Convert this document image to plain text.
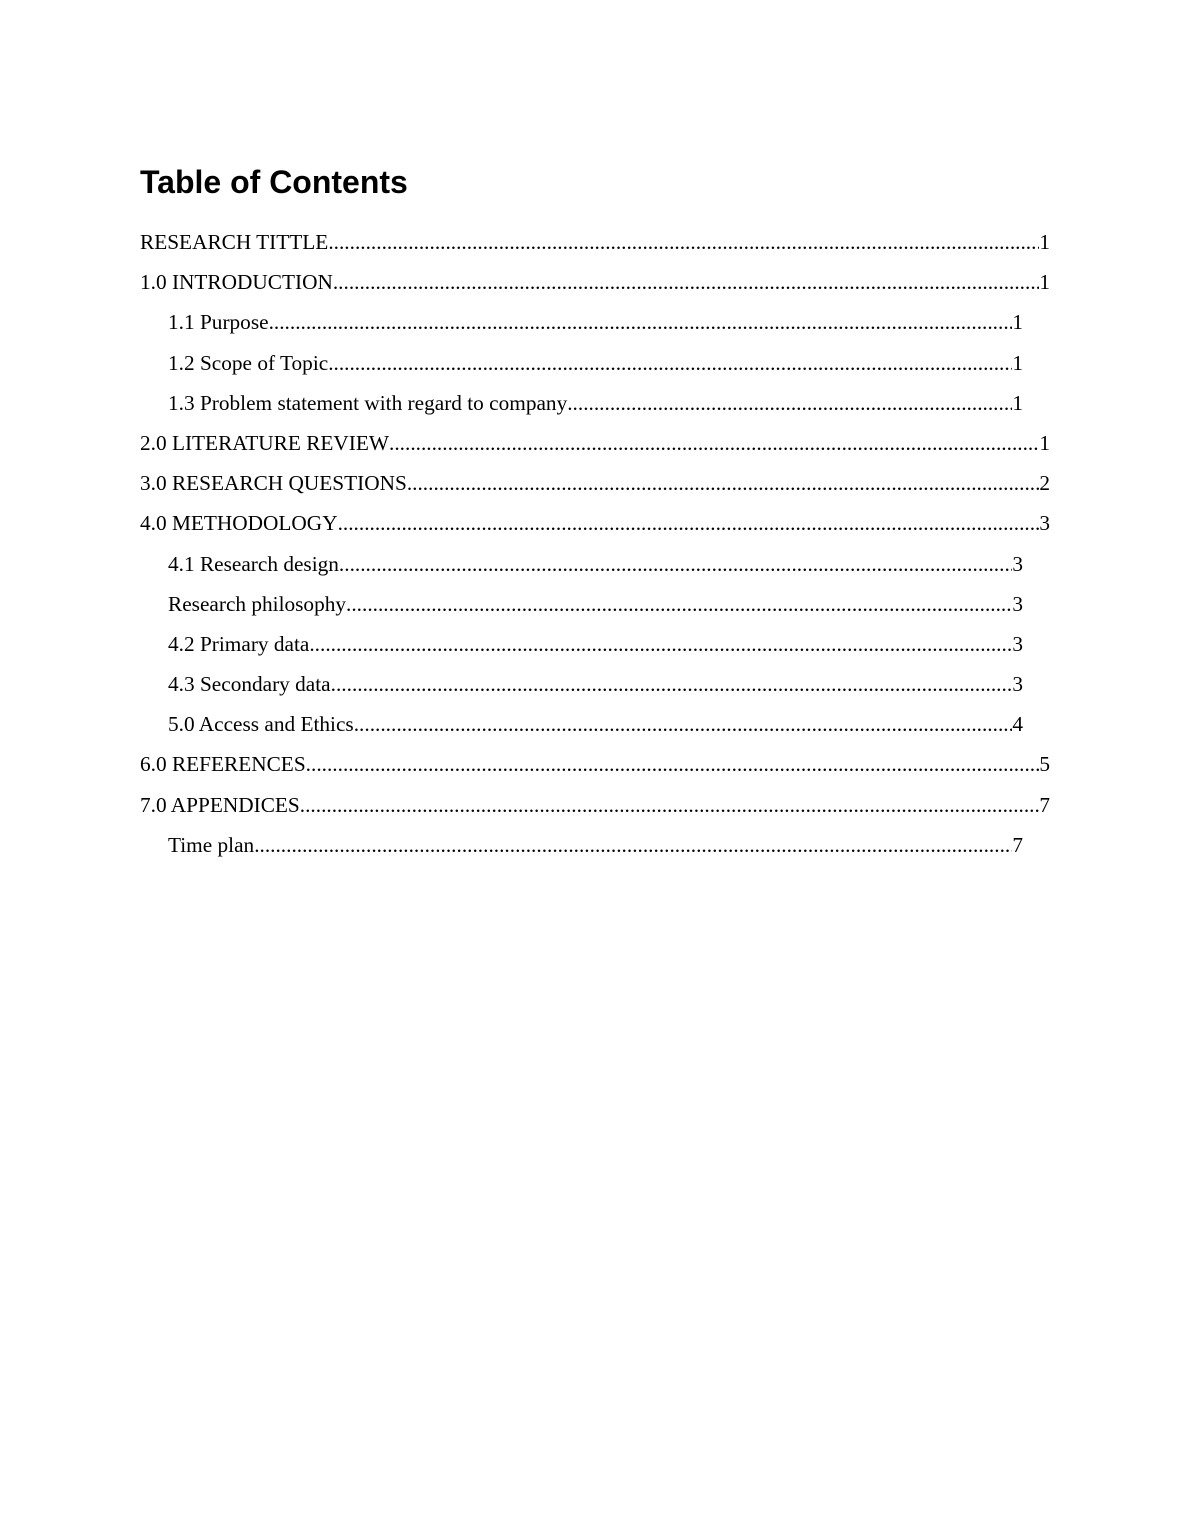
Table of Contents
RESEARCH TITTLE .....	1
1.0 INTRODUCTION .....	1
1.1 Purpose .....	1
1.2 Scope of Topic .....	1
1.3 Problem statement with regard to company .....	1
2.0 LITERATURE REVIEW .....	1
3.0 RESEARCH QUESTIONS .....	2
4.0 METHODOLOGY .....	3
4.1 Research design .....	3
Research philosophy .....	3
4.2 Primary data .....	3
4.3 Secondary data .....	3
5.0 Access and Ethics .....	4
6.0 REFERENCES .....	5
7.0 APPENDICES .....	7
Time plan .....	7
